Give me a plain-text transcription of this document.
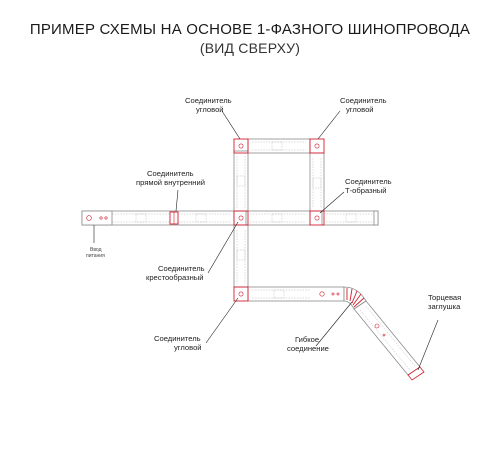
ПРИМЕР СХЕМЫ НА ОСНОВЕ 1-ФАЗНОГО ШИНОПРОВОДА
(ВИД СВЕРХУ)
Соединитель угловой
Соединитель угловой
Соединитель прямой внутренний	Соединитель Т-образный
Ввод питания
Соединитель крестообразный
Соединитель угловой
Гибкое соединение
Торцевая заглушка
